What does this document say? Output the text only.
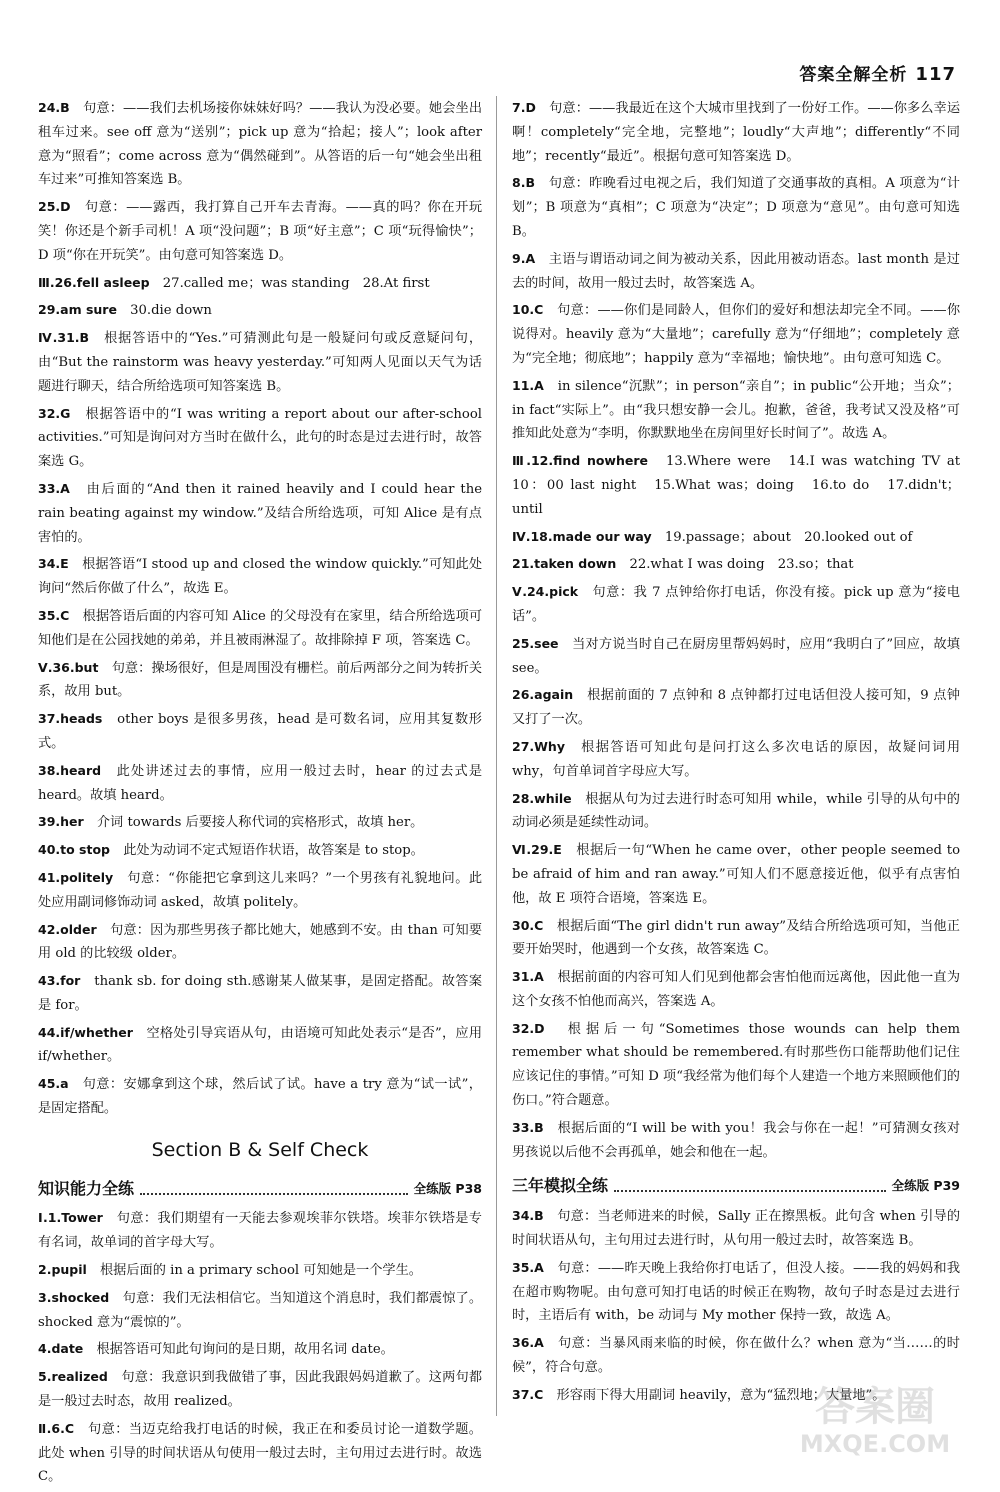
答案全解全析 117

24.B　 句意：——我们去机场接你妹妹好吗？——我认为没必要。她会坐出租车过来。see off 意为“送别”；pick up 意为“拾起；接人”；look after 意为“照看”；come across 意为“偶然碰到”。从答语的后一句“她会坐出租车过来”可推知答案选 B。

25.D　 句意：——露西，我打算自己开车去青海。——真的吗？你在开玩笑！你还是个新手司机！A 项“没问题”；B 项“好主意”；C 项“玩得愉快”；D 项“你在开玩笑”。由句意可知答案选 D。

Ⅲ.26.fell asleep　 27.called me；was standing　28.At first

29.am sure　 30.die down

Ⅳ.31.B　 根据答语中的“Yes.”可猜测此句是一般疑问句或反意疑问句，由“But the rainstorm was heavy yesterday.”可知两人见面以天气为话题进行聊天，结合所给选项可知答案选 B。

32.G　 根据答语中的“I was writing a report about our after-school activities.”可知是询问对方当时在做什么，此句的时态是过去进行时，故答案选 G。

33.A　 由后面的“And then it rained heavily and I could hear the rain beating against my window.”及结合所给选项，可知 Alice 是有点害怕的。

34.E　 根据答语“I stood up and closed the window quickly.”可知此处询问“然后你做了什么”，故选 E。

35.C　 根据答语后面的内容可知 Alice 的父母没有在家里，结合所给选项可知他们是在公园找她的弟弟，并且被雨淋湿了。故排除掉 F 项，答案选 C。

Ⅴ.36.but　 句意：操场很好，但是周围没有栅栏。前后两部分之间为转折关系，故用 but。

37.heads　 other boys 是很多男孩，head 是可数名词，应用其复数形式。

38.heard　 此处讲述过去的事情，应用一般过去时，hear 的过去式是 heard。故填 heard。

39.her　 介词 towards 后要接人称代词的宾格形式，故填 her。

40.to stop　 此处为动词不定式短语作状语，故答案是 to stop。

41.politely　 句意：“你能把它拿到这儿来吗？”一个男孩有礼貌地问。此处应用副词修饰动词 asked，故填 politely。

42.older　 句意：因为那些男孩子都比她大，她感到不安。由 than 可知要用 old 的比较级 older。

43.for　 thank sb. for doing sth.感谢某人做某事，是固定搭配。故答案是 for。

44.if/whether　 空格处引导宾语从句，由语境可知此处表示“是否”，应用 if/whether。

45.a　 句意：安娜拿到这个球，然后试了试。have a try 意为“试一试”，是固定搭配。

Section B & Self Check
知识能力全练	全练版 P38

Ⅰ.1.Tower　 句意：我们期望有一天能去参观埃菲尔铁塔。埃菲尔铁塔是专有名词，故单词的首字母大写。

2.pupil　 根据后面的 in a primary school 可知她是一个学生。

3.shocked　 句意：我们无法相信它。当知道这个消息时，我们都震惊了。shocked 意为“震惊的”。

4.date　 根据答语可知此句询问的是日期，故用名词 date。

5.realized　 句意：我意识到我做错了事，因此我跟妈妈道歉了。这两句都是一般过去时态，故用 realized。

Ⅱ.6.C　 句意：当迈克给我打电话的时候，我正在和委员讨论一道数学题。此处 when 引导的时间状语从句使用一般过去时，主句用过去进行时。故选 C。

7.D　 句意：——我最近在这个大城市里找到了一份好工作。——你多么幸运啊！completely“完全地，完整地”；loudly“大声地”；differently“不同地”；recently“最近”。根据句意可知答案选 D。

8.B　 句意：昨晚看过电视之后，我们知道了交通事故的真相。A 项意为“计划”；B 项意为“真相”；C 项意为“决定”；D 项意为“意见”。由句意可知选 B。

9.A　 主语与谓语动词之间为被动关系，因此用被动语态。last month 是过去的时间，故用一般过去时，故答案选 A。

10.C　 句意：——你们是同龄人，但你们的爱好和想法却完全不同。——你说得对。heavily 意为“大量地”；carefully 意为“仔细地”；completely 意为“完全地；彻底地”；happily 意为“幸福地；愉快地”。由句意可知选 C。

11.A　 in silence“沉默”；in person“亲自”；in public“公开地；当众”；in fact“实际上”。由“我只想安静一会儿。抱歉，爸爸，我考试又没及格”可推知此处意为“李明，你默默地坐在房间里好长时间了”。故选 A。

Ⅲ.12.find nowhere　 13.Where were　14.I was watching TV at 10：00 last night　15.What was；doing　16.to do　17.didn't；until

Ⅳ.18.made our way　 19.passage；about　20.looked out of

21.taken down　 22.what I was doing　23.so；that

Ⅴ.24.pick　 句意：我 7 点钟给你打电话，你没有接。pick up 意为“接电话”。

25.see　 当对方说当时自己在厨房里帮妈妈时，应用“我明白了”回应，故填 see。

26.again　 根据前面的 7 点钟和 8 点钟都打过电话但没人接可知，9 点钟又打了一次。

27.Why　 根据答语可知此句是问打这么多次电话的原因，故疑问词用 why，句首单词首字母应大写。

28.while　 根据从句为过去进行时态可知用 while，while 引导的从句中的动词必须是延续性动词。

Ⅵ.29.E　 根据后一句“When he came over，other people seemed to be afraid of him and ran away.”可知人们不愿意接近他，似乎有点害怕他，故 E 项符合语境，答案选 E。

30.C　 根据后面“The girl didn't run away”及结合所给选项可知，当他正要开始哭时，他遇到一个女孩，故答案选 C。

31.A　 根据前面的内容可知人们见到他都会害怕他而远离他，因此他一直为这个女孩不怕他而高兴，答案选 A。

32.D　 根据后一句“Sometimes those wounds can help them remember what should be remembered.有时那些伤口能帮助他们记住应该记住的事情。”可知 D 项“我经常为他们每个人建造一个地方来照顾他们的伤口。”符合题意。

33.B　 根据后面的“I will be with you！我会与你在一起！”可猜测女孩对男孩说以后他不会再孤单，她会和他在一起。

三年模拟全练	全练版 P39

34.B　 句意：当老师进来的时候，Sally 正在擦黑板。此句含 when 引导的时间状语从句，主句用过去进行时，从句用一般过去时，故答案选 B。

35.A　 句意：——昨天晚上我给你打电话了，但没人接。——我的妈妈和我在超市购物呢。由句意可知打电话的时候正在购物，故句子时态是过去进行时，主语后有 with，be 动词与 My mother 保持一致，故选 A。

36.A　 句意：当暴风雨来临的时候，你在做什么？when 意为“当……的时候”，符合句意。

37.C　 形容雨下得大用副词 heavily，意为“猛烈地；大量地”。

答案圈
MXQE.COM
